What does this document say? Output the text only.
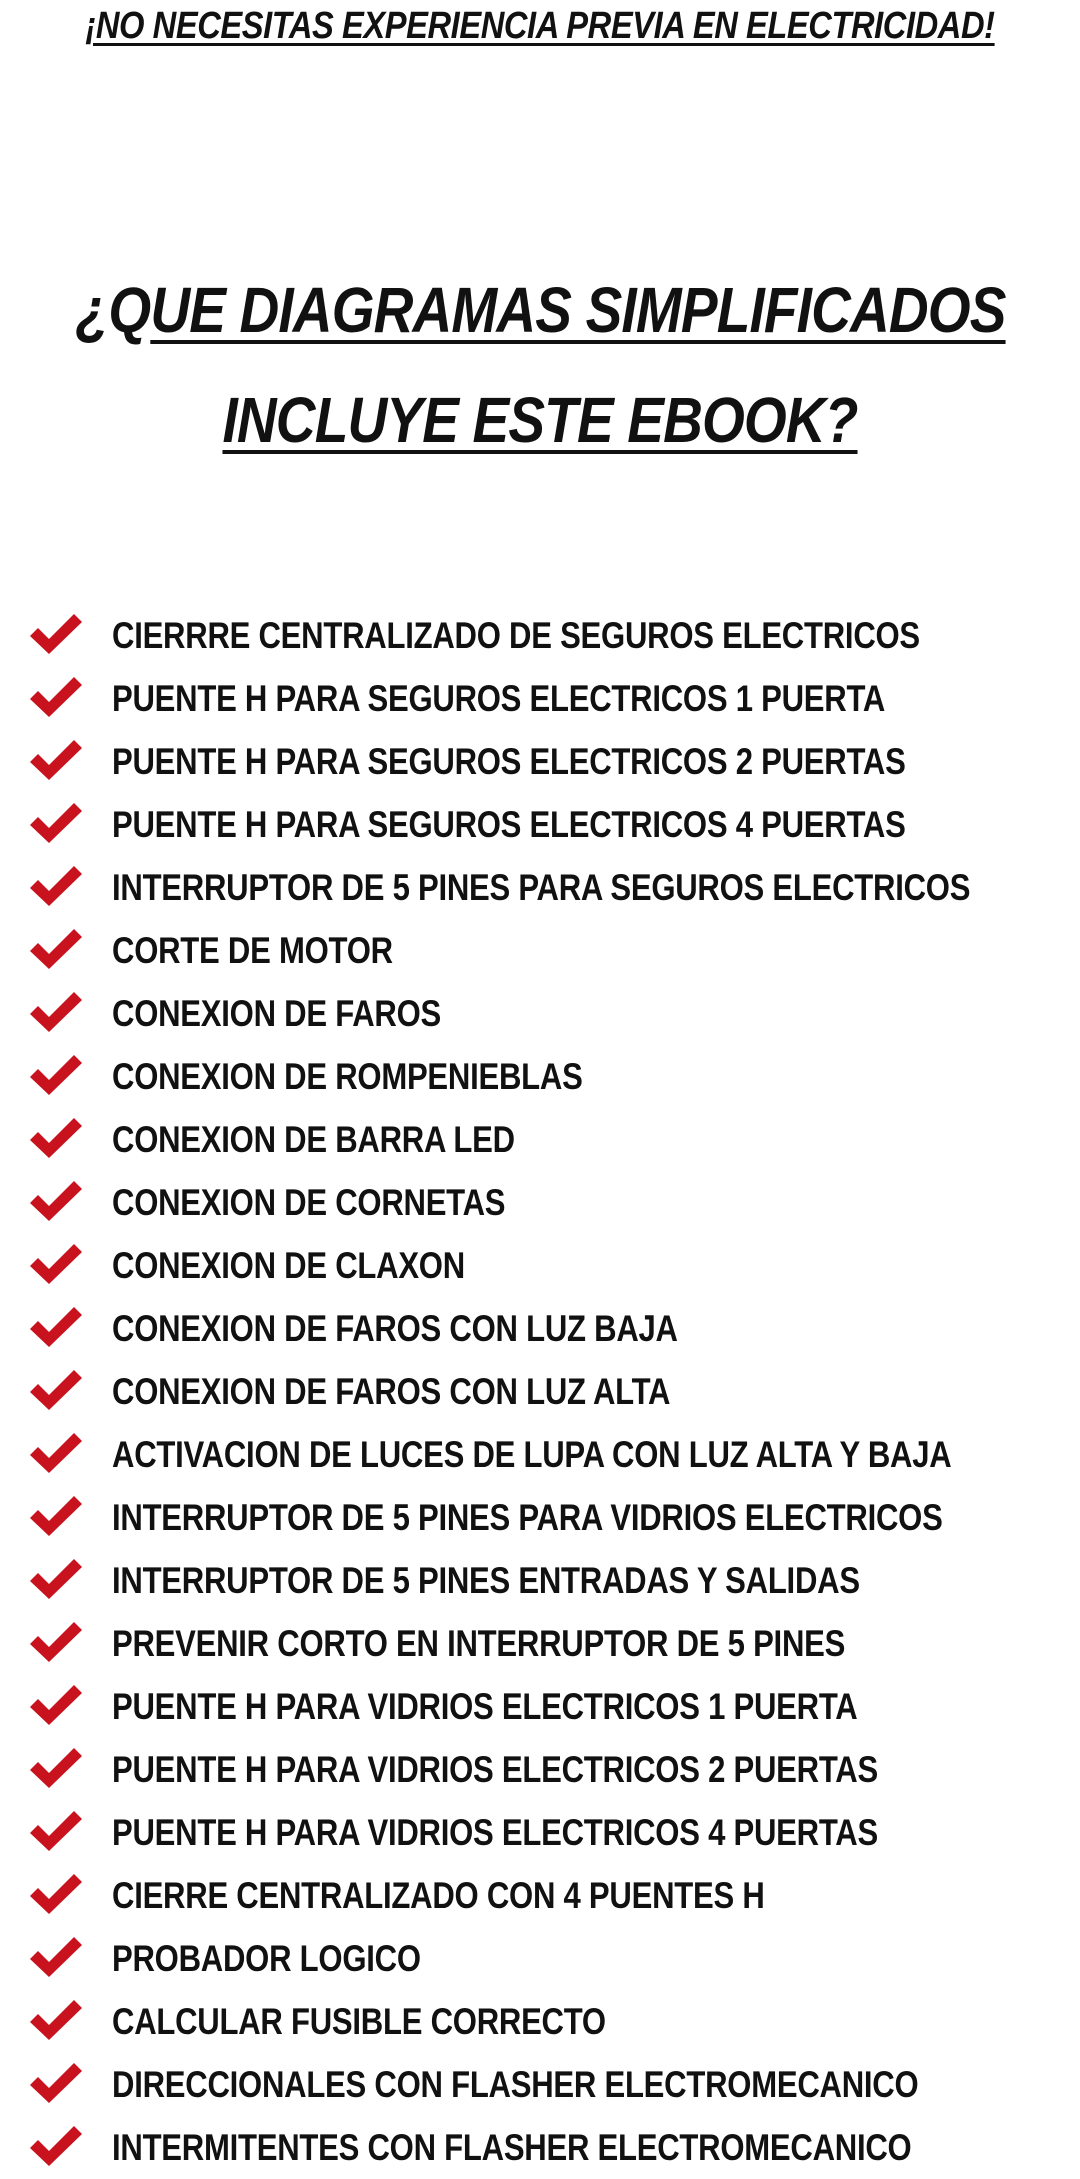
¡NO NECESITAS EXPERIENCIA PREVIA EN ELECTRICIDAD!
¿QUE DIAGRAMAS SIMPLIFICADOS
INCLUYE ESTE EBOOK?
CIERRRE CENTRALIZADO DE SEGUROS ELECTRICOS
PUENTE H PARA SEGUROS ELECTRICOS 1 PUERTA
PUENTE H PARA SEGUROS ELECTRICOS 2 PUERTAS
PUENTE H PARA SEGUROS ELECTRICOS 4 PUERTAS
INTERRUPTOR DE 5 PINES PARA SEGUROS ELECTRICOS
CORTE DE MOTOR
CONEXION DE FAROS
CONEXION DE ROMPENIEBLAS
CONEXION DE BARRA LED
CONEXION DE CORNETAS
CONEXION DE CLAXON
CONEXION DE FAROS CON LUZ BAJA
CONEXION DE FAROS CON LUZ ALTA
ACTIVACION DE LUCES DE LUPA CON LUZ ALTA Y BAJA
INTERRUPTOR DE 5 PINES PARA VIDRIOS ELECTRICOS
INTERRUPTOR DE 5 PINES ENTRADAS Y SALIDAS
PREVENIR CORTO EN INTERRUPTOR DE 5 PINES
PUENTE H PARA VIDRIOS ELECTRICOS 1 PUERTA
PUENTE H PARA VIDRIOS ELECTRICOS 2 PUERTAS
PUENTE H PARA VIDRIOS ELECTRICOS 4 PUERTAS
CIERRE CENTRALIZADO CON 4 PUENTES H
PROBADOR LOGICO
CALCULAR FUSIBLE CORRECTO
DIRECCIONALES CON FLASHER ELECTROMECANICO
INTERMITENTES CON FLASHER ELECTROMECANICO
